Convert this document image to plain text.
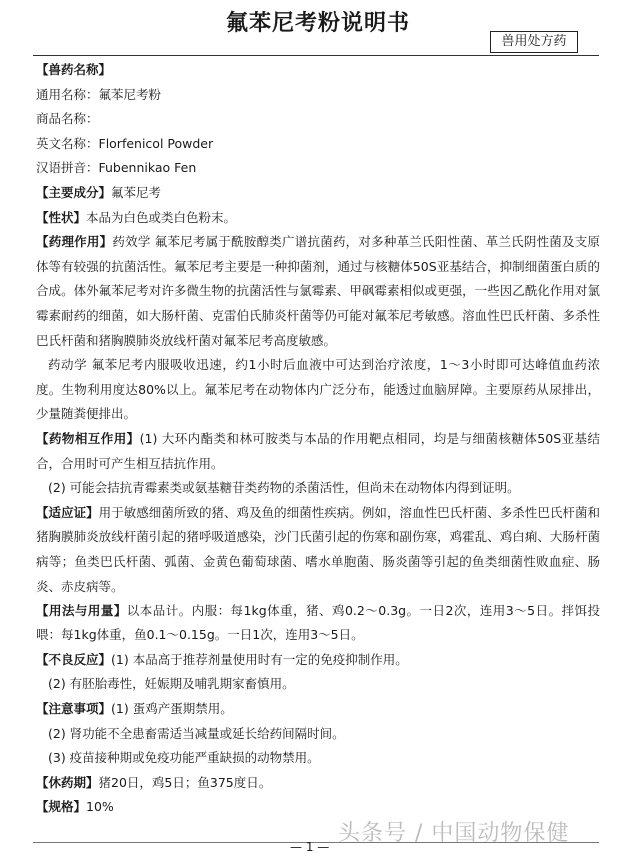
氟苯尼考粉说明书
兽用处方药
【兽药名称】
通用名称：氟苯尼考粉
商品名称：
英文名称：Florfenicol Powder
汉语拼音：Fubennikao Fen
【主要成分】氟苯尼考
【性状】本品为白色或类白色粉末。
【药理作用】药效学 氟苯尼考属于酰胺醇类广谱抗菌药，对多种革兰氏阳性菌、革兰氏阴性菌及支原体等有较强的抗菌活性。氟苯尼考主要是一种抑菌剂，通过与核糖体50S亚基结合，抑制细菌蛋白质的合成。体外氟苯尼考对许多微生物的抗菌活性与氯霉素、甲砜霉素相似或更强，一些因乙酰化作用对氯霉素耐药的细菌，如大肠杆菌、克雷伯氏肺炎杆菌等仍可能对氟苯尼考敏感。溶血性巴氏杆菌、多杀性巴氏杆菌和猪胸膜肺炎放线杆菌对氟苯尼考高度敏感。
药动学 氟苯尼考内服吸收迅速，约1小时后血液中可达到治疗浓度，1～3小时即可达峰值血药浓度。生物利用度达80%以上。氟苯尼考在动物体内广泛分布，能透过血脑屏障。主要原药从尿排出，少量随粪便排出。
【药物相互作用】(1) 大环内酯类和林可胺类与本品的作用靶点相同，均是与细菌核糖体50S亚基结合，合用时可产生相互拮抗作用。
(2) 可能会拮抗青霉素类或氨基糖苷类药物的杀菌活性，但尚未在动物体内得到证明。
【适应证】用于敏感细菌所致的猪、鸡及鱼的细菌性疾病。例如，溶血性巴氏杆菌、多杀性巴氏杆菌和猪胸膜肺炎放线杆菌引起的猪呼吸道感染，沙门氏菌引起的伤寒和副伤寒，鸡霍乱、鸡白痢、大肠杆菌病等；鱼类巴氏杆菌、弧菌、金黄色葡萄球菌、嗜水单胞菌、肠炎菌等引起的鱼类细菌性败血症、肠炎、赤皮病等。
【用法与用量】以本品计。内服：每1kg体重，猪、鸡0.2～0.3g。一日2次，连用3～5日。拌饵投喂：每1kg体重，鱼0.1～0.15g。一日1次，连用3～5日。
【不良反应】(1) 本品高于推荐剂量使用时有一定的免疫抑制作用。
(2) 有胚胎毒性，妊娠期及哺乳期家畜慎用。
【注意事项】(1) 蛋鸡产蛋期禁用。
(2) 肾功能不全患畜需适当减量或延长给药间隔时间。
(3) 疫苗接种期或免疫功能严重缺损的动物禁用。
【休药期】猪20日，鸡5日；鱼375度日。
【规格】10%
— 1 —
头条号 / 中国动物保健
